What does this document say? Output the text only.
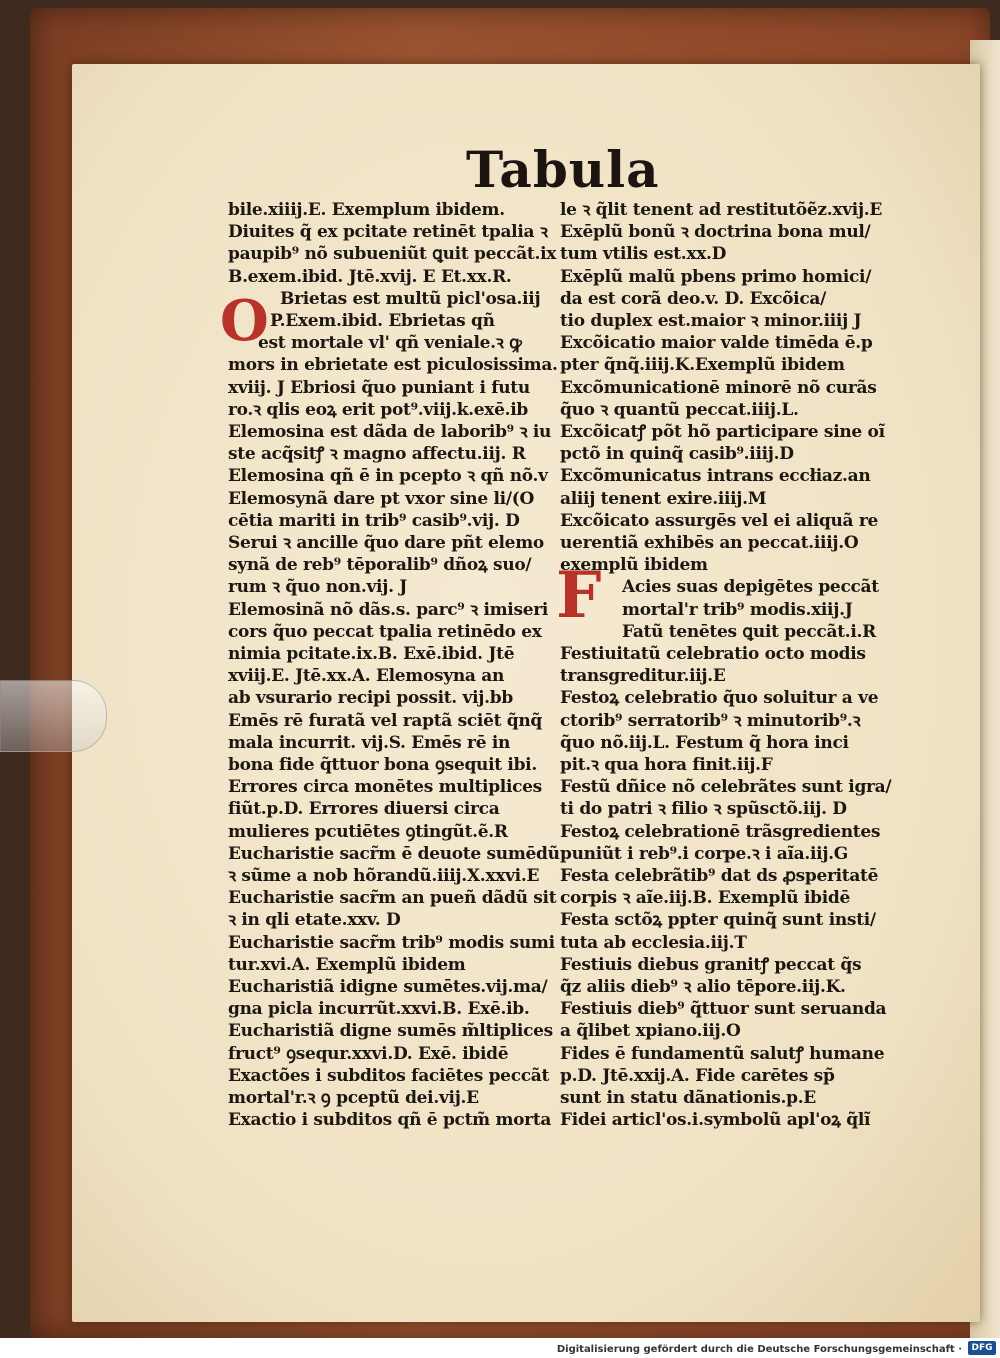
Tabula
O
F
bile.xiiij.E. Exemplum ibidem.
Diuites q̃ ex pcitate retinēt tpalia ꝛ
paupib⁹ nõ subueniũt ꝗuit peccãt.ix
B.exem.ibid. Jtē.xvij. E Et.xx.R.
Brietas est multũ picl'osa.iij
P.Exem.ibid. Ebrietas qñ
est mortale vl' qñ veniale.ꝛ ꝙ
mors in ebrietate est piculosissima.
xviij. J Ebriosi q̃uo puniant i futu
ro.ꝛ qlis eoꝝ erit pot⁹.viij.k.exē.ib
Elemosina est dãda de laborib⁹ ꝛ iu
ste acq̃sitꝭ ꝛ magno affectu.iij. R
Elemosina qñ ē in pcepto ꝛ qñ nõ.v
Elemosynã dare pt vxor sine li/(O
cētia mariti in trib⁹ casib⁹.vij. D
Serui ꝛ ancille q̃uo dare pñt elemo
synã de reb⁹ tēporalib⁹ dñoꝝ suo/
rum ꝛ q̃uo non.vij. J
Elemosinã nõ dãs.s. parc⁹ ꝛ imiseri
cors q̃uo peccat tpalia retinēdo ex
nimia pcitate.ix.B. Exē.ibid. Jtē
xviij.E. Jtē.xx.A. Elemosyna an
ab vsurario recipi possit. vij.bb
Emēs rē furatã vel raptã sciēt q̃nq̃
mala incurrit. vij.S. Emēs rē in
bona fide q̃ttuor bona ꝯsequit ibi.
Errores circa monētes multiplices
fiũt.p.D. Errores diuersi circa
mulieres pcutiētes ꝯtingũt.ẽ.R
Eucharistie sacr̃m ē deuote sumēdũ
ꝛ sũme a nob hõrandũ.iiij.X.xxvi.E
Eucharistie sacr̃m an pueñ dãdũ sit
ꝛ in qli etate.xxv. D
Eucharistie sacr̃m trib⁹ modis sumi
tur.xvi.A. Exemplũ ibidem
Eucharistiã idigne sumētes.vij.ma/
gna picla incurrũt.xxvi.B. Exē.ib.
Eucharistiã digne sumēs m̃ltiplices
fruct⁹ ꝯsequr.xxvi.D. Exē. ibidē
Exactões i subditos faciētes peccãt
mortal'r.ꝛ ꝯ pceptũ dei.vij.E
Exactio i subditos qñ ē pctm̃ morta
le ꝛ q̃lit tenent ad restitutõẽz.xvij.E
Exēplũ bonũ ꝛ doctrina bona mul/
tum vtilis est.xx.D
Exēplũ malũ pbens primo homici/
da est corã deo.v. D. Excõica/
tio duplex est.maior ꝛ minor.iiij J
Excõicatio maior valde timēda ē.p
pter q̃nq̃.iiij.K.Exemplũ ibidem
Excõmunicationē minorē nõ curãs
q̃uo ꝛ quantũ peccat.iiij.L.
Excõicatꝭ põt hõ participare sine oĩ
pctõ in quinq̃ casib⁹.iiij.D
Excõmunicatus intrans eccłiaz.an
aliij tenent exire.iiij.M
Excõicato assurgēs vel ei aliquã re
uerentiã exhibēs an peccat.iiij.O
exemplũ ibidem
Acies suas depigētes peccãt
mortal'r trib⁹ modis.xiij.J
Fatũ tenētes ꝗuit peccãt.i.R
Festiuitatũ celebratio octo modis
transgreditur.iij.E
Festoꝝ celebratio q̃uo soluitur a ve
ctorib⁹ serratorib⁹ ꝛ minutorib⁹.ꝛ
q̃uo nõ.iij.L. Festum q̃ hora inci
pit.ꝛ qua hora finit.iij.F
Festũ dñice nõ celebrãtes sunt igra/
ti do patri ꝛ filio ꝛ spũsctõ.iij. D
Festoꝝ celebrationē trãsgredientes
puniũt i reb⁹.i corpe.ꝛ i aĩa.iij.G
Festa celebrãtib⁹ dat ds ꝓsperitatē
corpis ꝛ aĩe.iij.B. Exemplũ ibidē
Festa sctõꝝ ppter quinq̃ sunt insti/
tuta ab ecclesia.iij.T
Festiuis diebus granitꝭ peccat q̃s
q̃z aliis dieb⁹ ꝛ alio tēpore.iij.K.
Festiuis dieb⁹ q̃ttuor sunt seruanda
a q̃libet xpiano.iij.O
Fides ē fundamentũ salutꝭ humane
p.D. Jtē.xxij.A. Fide carētes sp̃
sunt in statu dãnationis.p.E
Fidei articl'os.i.symbolũ apl'oꝝ q̃lĩ
Digitalisierung gefördert durch die Deutsche Forschungsgemeinschaft ·	DFG
